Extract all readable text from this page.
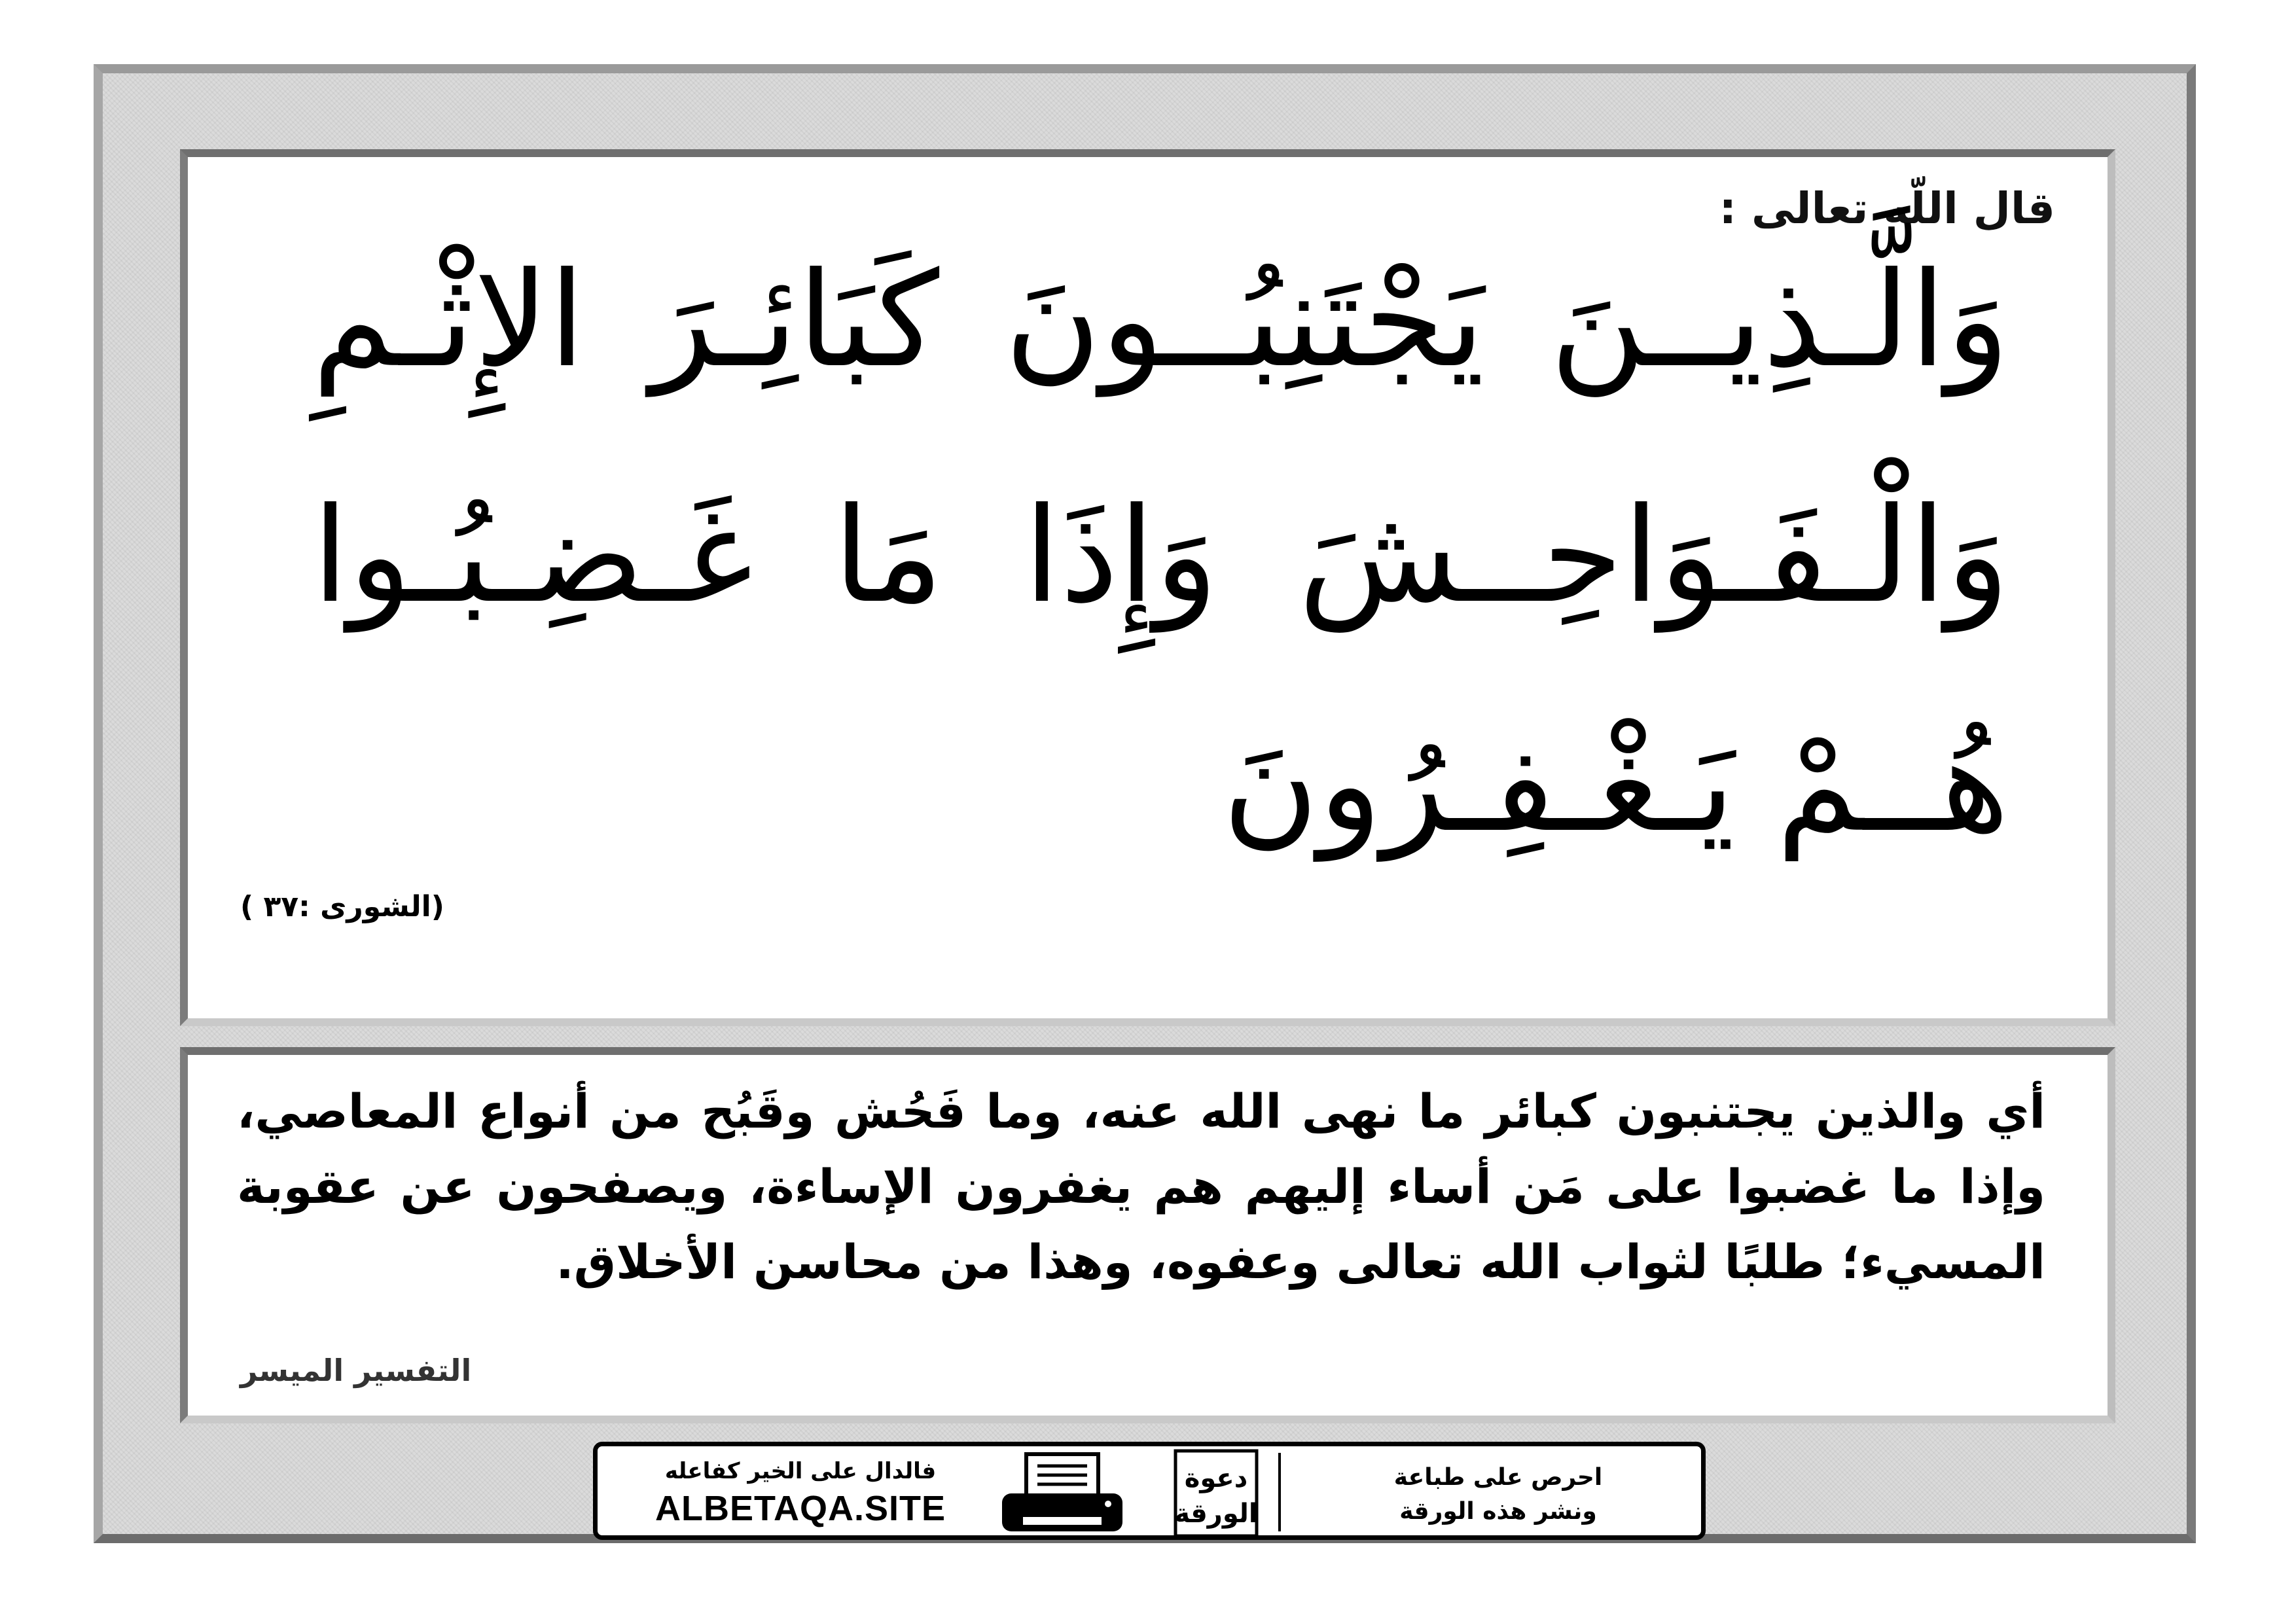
قال اللّه تعالى :
وَالَّـذِيــنَ يَجْتَنِبُــونَ كَبَائِـرَ الإِثْـمِ
وَالْـفَـوَاحِــشَ وَإِذَا مَا غَـضِـبُـوا
هُــمْ يَـغْـفِـرُونَ
(الشورى :٣٧ )
أي والذين يجتنبون كبائر ما نهى الله عنه، وما فَحُش وقَبُح من أنواع المعاصي،
وإذا ما غضبوا على مَن أساء إليهم هم يغفرون الإساءة، ويصفحون عن عقوبة
المسيء؛ طلبًا لثواب الله تعالى وعفوه، وهذا من محاسن الأخلاق.
التفسير الميسر
فالدال على الخير كفاعله
ALBETAQA.SITE
دعوة
الورقة
احرص على طباعة
ونشر هذه الورقة
